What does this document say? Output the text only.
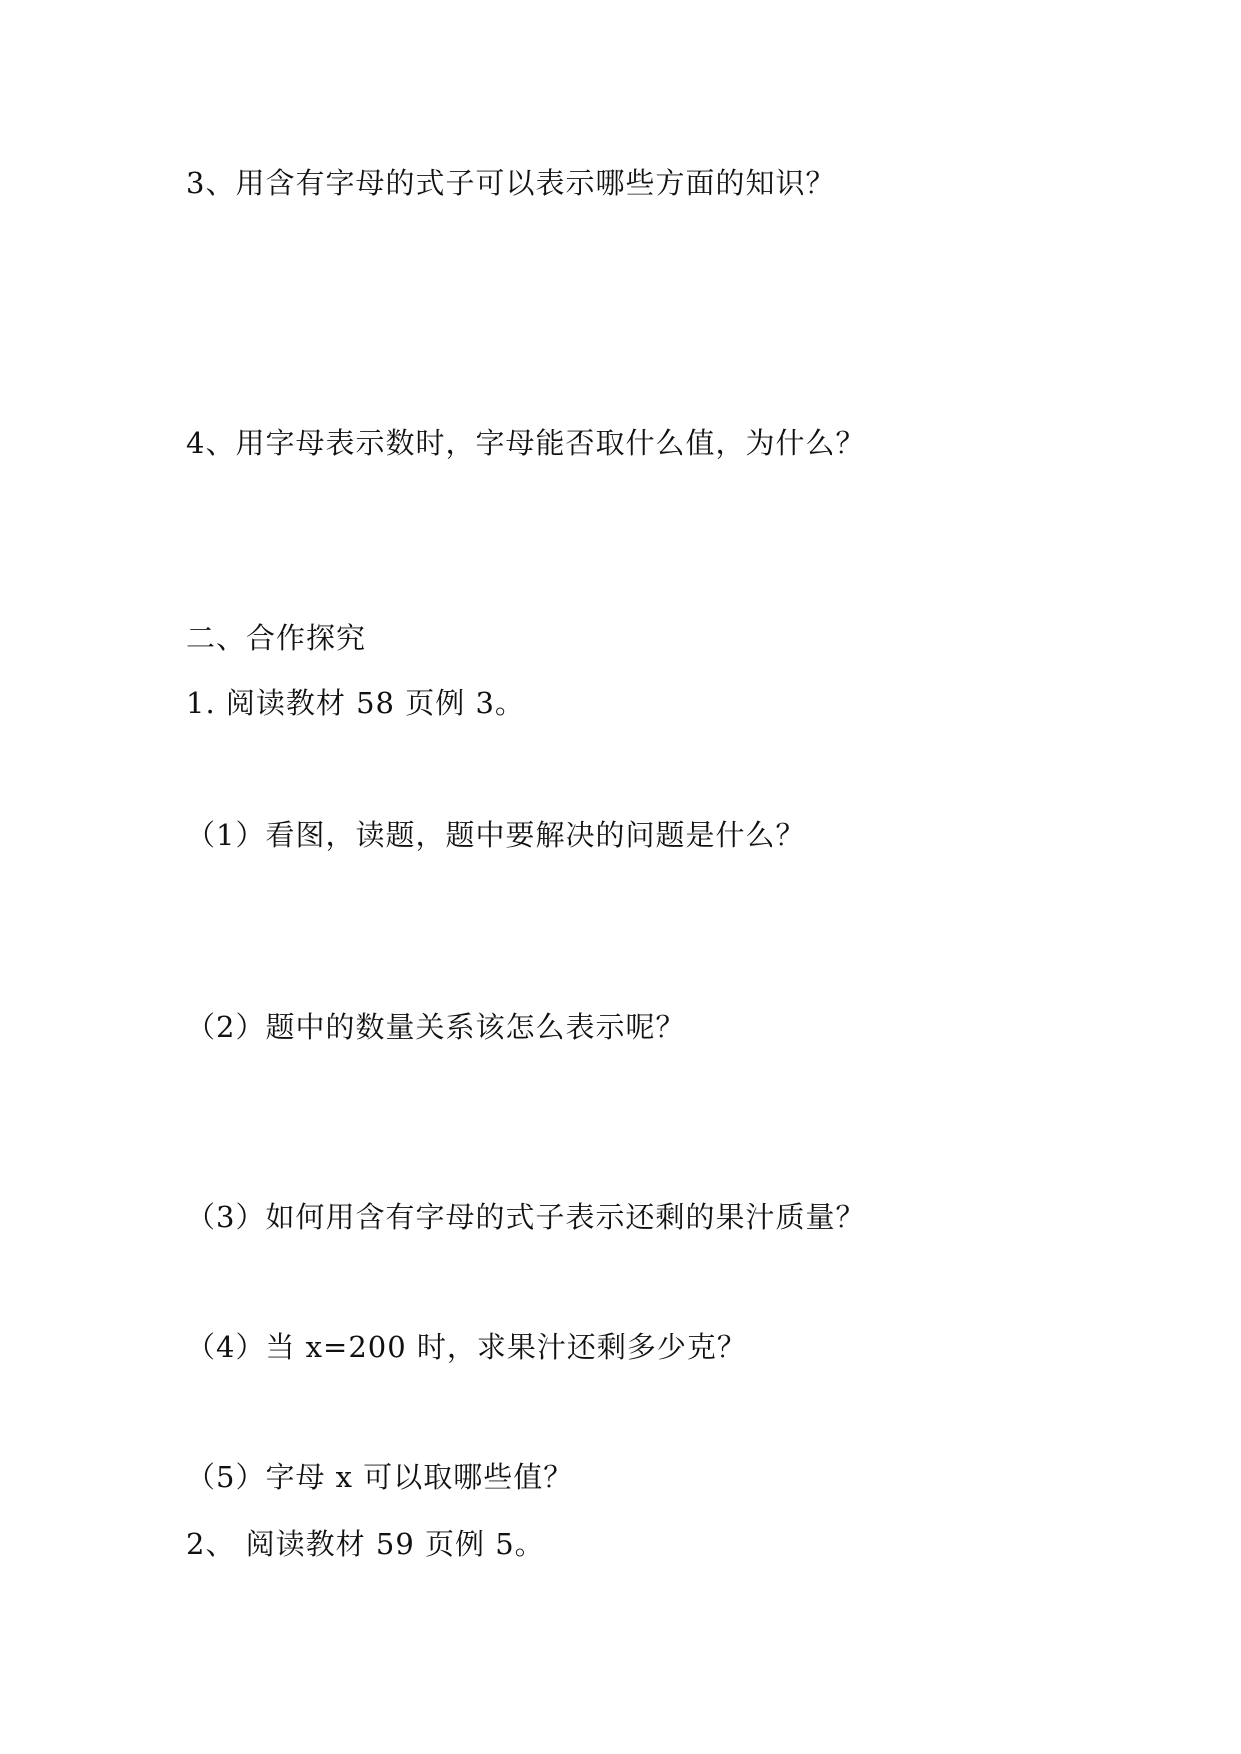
3、用含有字母的式子可以表示哪些方面的知识？
4、用字母表示数时，字母能否取什么值，为什么？
二、合作探究
1. 阅读教材 58 页例 3。
（1）看图，读题，题中要解决的问题是什么？
（2）题中的数量关系该怎么表示呢？
（3）如何用含有字母的式子表示还剩的果汁质量？
（4）当 x=200 时，求果汁还剩多少克？
（5）字母 x 可以取哪些值？
2、 阅读教材 59 页例 5。
